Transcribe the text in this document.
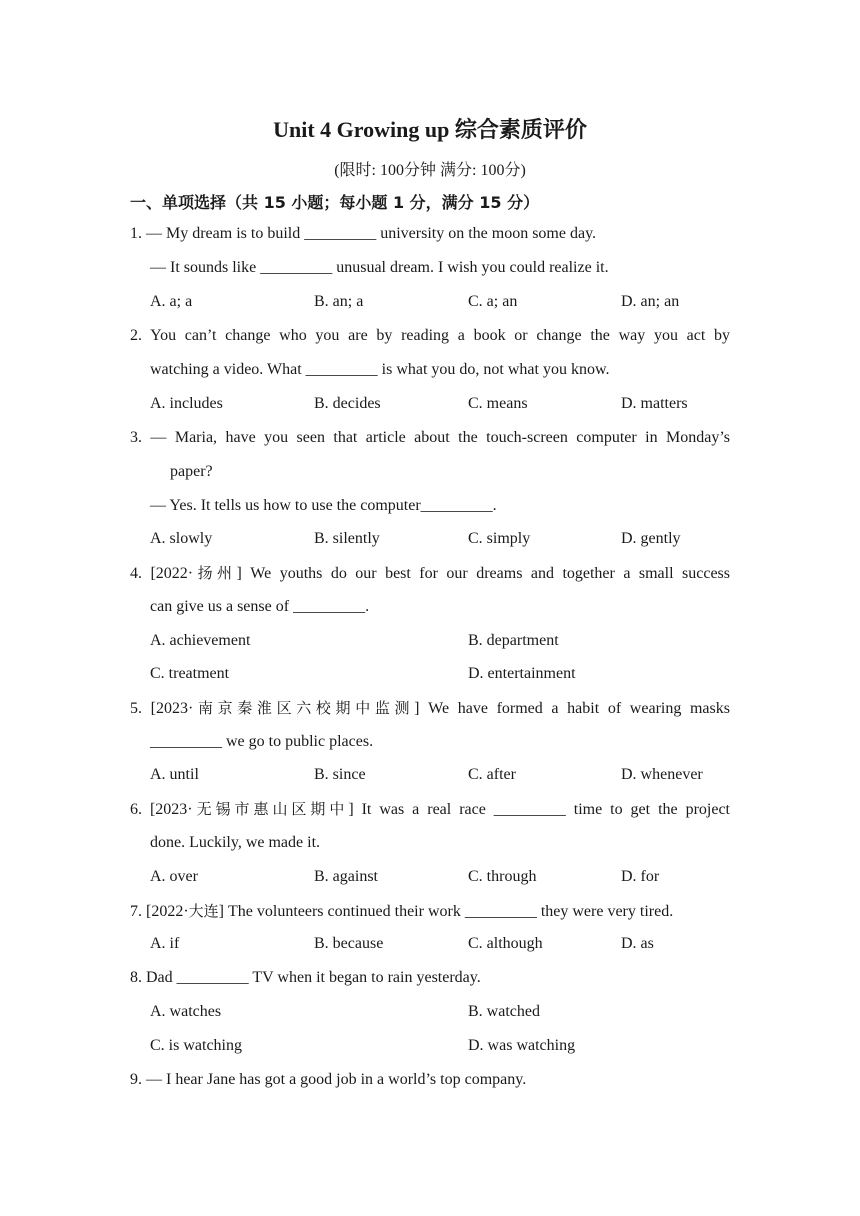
Unit 4 Growing up 综合素质评价
(限时: 100分钟 满分: 100分)
一、单项选择（共 15 小题；每小题 1 分，满分 15 分）
1. — My dream is to build _________ university on the moon some day.
— It sounds like _________ unusual dream. I wish you could realize it.
A. a; a	B. an; a	C. a; an	D. an; an
2. You can’t change who you are by reading a book or change the way you act by
watching a video. What _________ is what you do, not what you know.
A. includes	B. decides	C. means	D. matters
3. — Maria, have you seen that article about the touch-screen computer in Monday’s
paper?
— Yes. It tells us how to use the computer_________.
A. slowly	B. silently	C. simply	D. gently
4. [2022·扬州] We youths do our best for our dreams and together a small success
can give us a sense of _________.
A. achievement	B. department
C. treatment	D. entertainment
5. [2023·南京秦淮区六校期中监测] We have formed a habit of wearing masks
_________ we go to public places.
A. until	B. since	C. after	D. whenever
6. [2023·无锡市惠山区期中] It was a real race _________ time to get the project
done. Luckily, we made it.
A. over	B. against	C. through	D. for
7. [2022·大连] The volunteers continued their work _________ they were very tired.
A. if	B. because	C. although	D. as
8. Dad _________ TV when it began to rain yesterday.
A. watches	B. watched
C. is watching	D. was watching
9. — I hear Jane has got a good job in a world’s top company.
